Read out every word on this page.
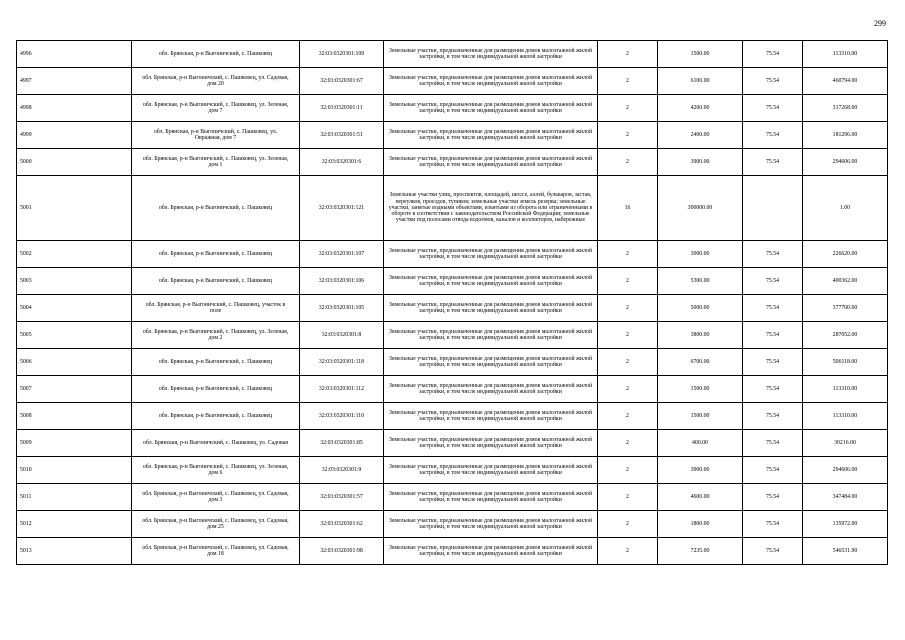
299
4996	обл. Брянская, р-н Выгоничский, с. Пашковец	32:03:0320301:109	Земельные участки, предназначенные для размещения домов малоэтажной жилой застройки, в том числе индивидуальной жилой застройки	2	1500.00	75.54	113310.00
4997	обл. Брянская, р-н Выгоничский, с. Пашковец, ул. Садовая, дом 20	32:03:0320301:67	Земельные участки, предназначенные для размещения домов малоэтажной жилой застройки, в том числе индивидуальной жилой застройки	2	6100.00	75.54	460794.00
4998	обл. Брянская, р-н Выгоничский, с. Пашковец, ул. Зеленая, дом 7	32:03:0320301:11	Земельные участки, предназначенные для размещения домов малоэтажной жилой застройки, в том числе индивидуальной жилой застройки	2	4200.00	75.54	317268.00
4999	обл. Брянская, р-н Выгоничский, с. Пашковец, ул. Овражная, дом 7	32:03:0320301:51	Земельные участки, предназначенные для размещения домов малоэтажной жилой застройки, в том числе индивидуальной жилой застройки	2	2400.00	75.54	181296.00
5000	обл. Брянская, р-н Выгоничский, с. Пашковец, ул. Зеленая, дом 1	32:03:0320301:6	Земельные участки, предназначенные для размещения домов малоэтажной жилой застройки, в том числе индивидуальной жилой застройки	2	3900.00	75.54	294606.00
5001	обл. Брянская, р-н Выгоничский, с. Пашковец	32:03:0320301:121	Земельные участки улиц, проспектов, площадей, шоссе, аллей, бульваров, застав, переулков, проездов, тупиков; земельные участки земель резерва; земельные участки, занятые водными объектами, изъятыми из оборота или ограниченными в обороте в соответствии с законодательством Российской Федерации; земельные участки под полосами отвода водоемов, каналов и коллекторов, набережные	16	300000.00		1.00
5002	обл. Брянская, р-н Выгоничский, с. Пашковец	32:03:0320301:107	Земельные участки, предназначенные для размещения домов малоэтажной жилой застройки, в том числе индивидуальной жилой застройки	2	3000.00	75.54	226620.00
5003	обл. Брянская, р-н Выгоничский, с. Пашковец	32:03:0320301:106	Земельные участки, предназначенные для размещения домов малоэтажной жилой застройки, в том числе индивидуальной жилой застройки	2	5300.00	75.54	400362.00
5004	обл. Брянская, р-н Выгоничский, с. Пашковец, участок в поле	32:03:0320301:105	Земельные участки, предназначенные для размещения домов малоэтажной жилой застройки, в том числе индивидуальной жилой застройки	2	5000.00	75.54	377700.00
5005	обл. Брянская, р-н Выгоничский, с. Пашковец, ул. Зеленая, дом 2	32:03:0320301:8	Земельные участки, предназначенные для размещения домов малоэтажной жилой застройки, в том числе индивидуальной жилой застройки	2	3800.00	75.54	287052.00
5006	обл. Брянская, р-н Выгоничский, с. Пашковец	32:03:0320301:118	Земельные участки, предназначенные для размещения домов малоэтажной жилой застройки, в том числе индивидуальной жилой застройки	2	6700.00	75.54	506118.00
5007	обл. Брянская, р-н Выгоничский, с. Пашковец	32:03:0320301:112	Земельные участки, предназначенные для размещения домов малоэтажной жилой застройки, в том числе индивидуальной жилой застройки	2	1500.00	75.54	113310.00
5008	обл. Брянская, р-н Выгоничский, с. Пашковец	32:03:0320301:110	Земельные участки, предназначенные для размещения домов малоэтажной жилой застройки, в том числе индивидуальной жилой застройки	2	1500.00	75.54	113310.00
5009	обл. Брянская, р-н Выгоничский, с. Пашковец, ул. Садовая	32:03:0320301:85	Земельные участки, предназначенные для размещения домов малоэтажной жилой застройки, в том числе индивидуальной жилой застройки	2	400.00	75.54	30216.00
5010	обл. Брянская, р-н Выгоничский, с. Пашковец, ул. Зеленая, дом 6	32:03:0320301:9	Земельные участки, предназначенные для размещения домов малоэтажной жилой застройки, в том числе индивидуальной жилой застройки	2	3900.00	75.54	294606.00
5011	обл. Брянская, р-н Выгоничский, с. Пашковец, ул. Садовая, дом 3	32:03:0320301:57	Земельные участки, предназначенные для размещения домов малоэтажной жилой застройки, в том числе индивидуальной жилой застройки	2	4600.00	75.54	347484.00
5012	обл. Брянская, р-н Выгоничский, с. Пашковец, ул. Садовая, дом 25	32:03:0320301:62	Земельные участки, предназначенные для размещения домов малоэтажной жилой застройки, в том числе индивидуальной жилой застройки	2	1800.00	75.54	135972.00
5013	обл. Брянская, р-н Выгоничский, с. Пашковец, ул. Садовая, дом 18	32:03:0320301:98	Земельные участки, предназначенные для размещения домов малоэтажной жилой застройки, в том числе индивидуальной жилой застройки	2	7235.00	75.54	546531.90
